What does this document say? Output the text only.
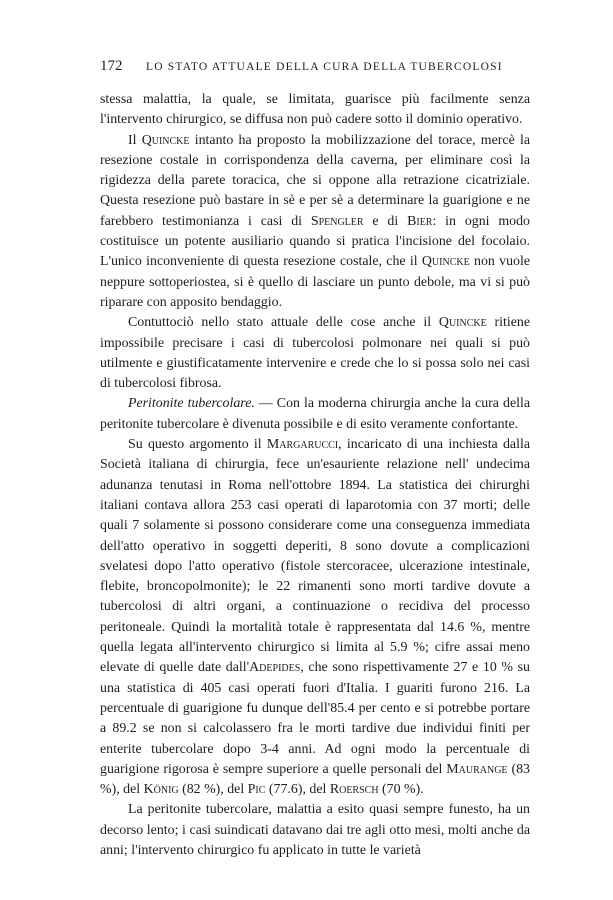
172 LO STATO ATTUALE DELLA CURA DELLA TUBERCOLOSI

stessa malattia, la quale, se limitata, guarisce più facilmente senza l'intervento chirurgico, se diffusa non può cadere sotto il dominio operativo.

Il Quincke intanto ha proposto la mobilizzazione del torace, mercè la resezione costale in corrispondenza della caverna, per eliminare così la rigidezza della parete toracica, che si oppone alla retrazione cicatriziale. Questa resezione può bastare in sè e per sè a determinare la guarigione e ne farebbero testimonianza i casi di Spengler e di Bier: in ogni modo costituisce un potente ausiliario quando si pratica l'incisione del focolaio. L'unico inconveniente di questa resezione costale, che il Quincke non vuole neppure sottoperiostea, si è quello di lasciare un punto debole, ma vi si può riparare con apposito bendaggio.

Contuttociò nello stato attuale delle cose anche il Quincke ritiene impossibile precisare i casi di tubercolosi polmonare nei quali si può utilmente e giustificatamente intervenire e crede che lo si possa solo nei casi di tubercolosi fibrosa.

Peritonite tubercolare. — Con la moderna chirurgia anche la cura della peritonite tubercolare è divenuta possibile e di esito veramente confortante.

Su questo argomento il Margarucci, incaricato di una inchiesta dalla Società italiana di chirurgia, fece un'esauriente relazione nell' undecima adunanza tenutasi in Roma nell'ottobre 1894. La statistica dei chirurghi italiani contava allora 253 casi operati di laparotomia con 37 morti; delle quali 7 solamente si possono considerare come una conseguenza immediata dell'atto operativo in soggetti deperiti, 8 sono dovute a complicazioni svelatesi dopo l'atto operativo (fistole stercoracee, ulcerazione intestinale, flebite, broncopolmonite); le 22 rimanenti sono morti tardive dovute a tubercolosi di altri organi, a continuazione o recidiva del processo peritoneale. Quindi la mortalità totale è rappresentata dal 14.6 %, mentre quella legata all'intervento chirurgico si limita al 5.9 %; cifre assai meno elevate di quelle date dall'Adepides, che sono rispettivamente 27 e 10 % su una statistica di 405 casi operati fuori d'Italia. I guariti furono 216. La percentuale di guarigione fu dunque dell'85.4 per cento e si potrebbe portare a 89.2 se non si calcolassero fra le morti tardive due individui finiti per enterite tubercolare dopo 3-4 anni. Ad ogni modo la percentuale di guarigione rigorosa è sempre superiore a quelle personali del Maurange (83 %), del König (82 %), del Pic (77.6), del Roersch (70 %).

La peritonite tubercolare, malattia a esito quasi sempre funesto, ha un decorso lento; i casi suindicati datavano dai tre agli otto mesi, molti anche da anni; l'intervento chirurgico fu applicato in tutte le varietà
